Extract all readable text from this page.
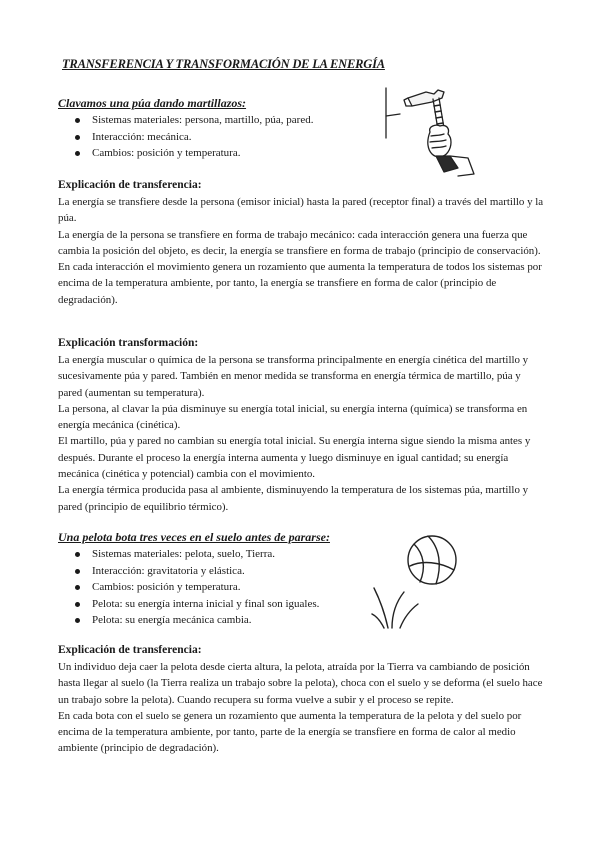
TRANSFERENCIA Y TRANSFORMACIÓN DE LA ENERGÍA
Clavamos una púa dando martillazos:
Sistemas materiales: persona, martillo, púa, pared.
Interacción: mecánica.
Cambios: posición y temperatura.
Explicación de transferencia:

La energía se transfiere desde la persona (emisor inicial) hasta la pared (receptor final) a través del martillo y la púa.

La energía de la persona se transfiere en forma de trabajo mecánico: cada interacción genera una fuerza que cambia la posición del objeto, es decir, la energía se transfiere en forma de trabajo (principio de conservación).

En cada interacción el movimiento genera un rozamiento que aumenta la temperatura de todos los sistemas por encima de la temperatura ambiente, por tanto, la energía se transfiere en forma de calor (principio de degradación).

Explicación transformación:

La energía muscular o química de la persona se transforma principalmente en energía cinética del martillo y sucesivamente púa y pared. También en menor medida se transforma en energía térmica de martillo, púa y pared (aumentan su temperatura).

La persona, al clavar la púa disminuye su energía total inicial, su energía interna (química) se transforma en energía mecánica (cinética).

El martillo, púa y pared no cambian su energía total inicial. Su energía interna sigue siendo la misma antes y después. Durante el proceso la energía interna aumenta y luego disminuye en igual cantidad; su energía mecánica (cinética y potencial) cambia con el movimiento.

La energía térmica producida pasa al ambiente, disminuyendo la temperatura de los sistemas púa, martillo y pared (principio de equilibrio térmico).

Una pelota bota tres veces en el suelo antes de pararse:
Sistemas materiales: pelota, suelo, Tierra.
Interacción: gravitatoria y elástica.
Cambios: posición y temperatura.
Pelota: su energía interna inicial y final son iguales.
Pelota: su energía mecánica cambia.
Explicación de transferencia:

Un individuo deja caer la pelota desde cierta altura, la pelota, atraída por la Tierra va cambiando de posición hasta llegar al suelo (la Tierra realiza un trabajo sobre la pelota), choca con el suelo y se deforma (el suelo hace un trabajo sobre la pelota). Cuando recupera su forma vuelve a subir y el proceso se repite.

En cada bota con el suelo se genera un rozamiento que aumenta la temperatura de la pelota y del suelo por encima de la temperatura ambiente, por tanto, parte de la energía se transfiere en forma de calor al medio ambiente (principio de degradación).
